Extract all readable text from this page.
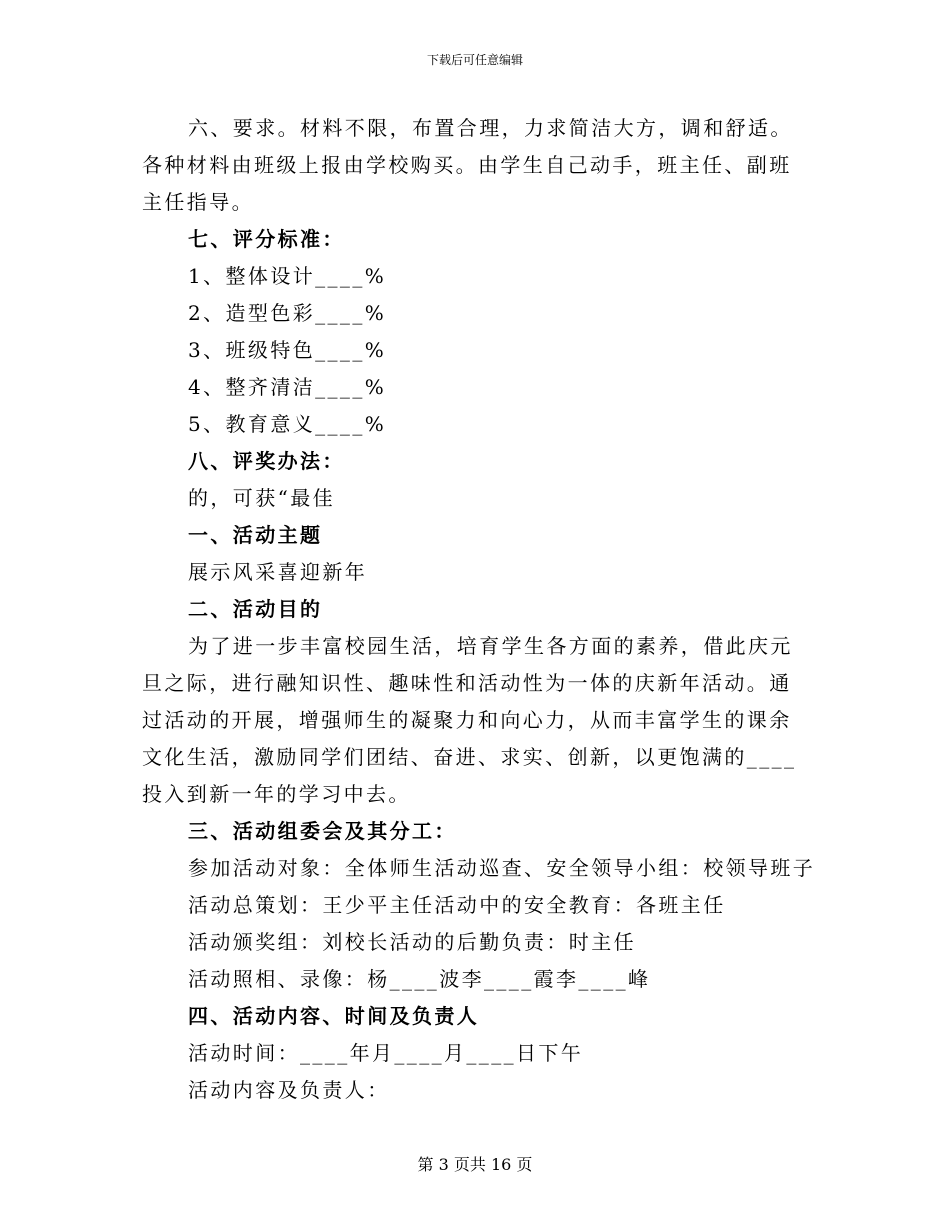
下载后可任意编辑
六、要求。材料不限，布置合理，力求简洁大方，调和舒适。各种材料由班级上报由学校购买。由学生自己动手，班主任、副班主任指导。
七、评分标准：
1、整体设计____%
2、造型色彩____%
3、班级特色____%
4、整齐清洁____%
5、教育意义____%
八、评奖办法：
的，可获“最佳
一、活动主题
展示风采喜迎新年
二、活动目的
为了进一步丰富校园生活，培育学生各方面的素养，借此庆元旦之际，进行融知识性、趣味性和活动性为一体的庆新年活动。通过活动的开展，增强师生的凝聚力和向心力，从而丰富学生的课余文化生活，激励同学们团结、奋进、求实、创新，以更饱满的____投入到新一年的学习中去。
三、活动组委会及其分工：
参加活动对象：全体师生活动巡查、安全领导小组：校领导班子
活动总策划：王少平主任活动中的安全教育：各班主任
活动颁奖组：刘校长活动的后勤负责：时主任
活动照相、录像：杨____波李____霞李____峰
四、活动内容、时间及负责人
活动时间：____年月____月____日下午
活动内容及负责人：
第 3 页共 16 页
